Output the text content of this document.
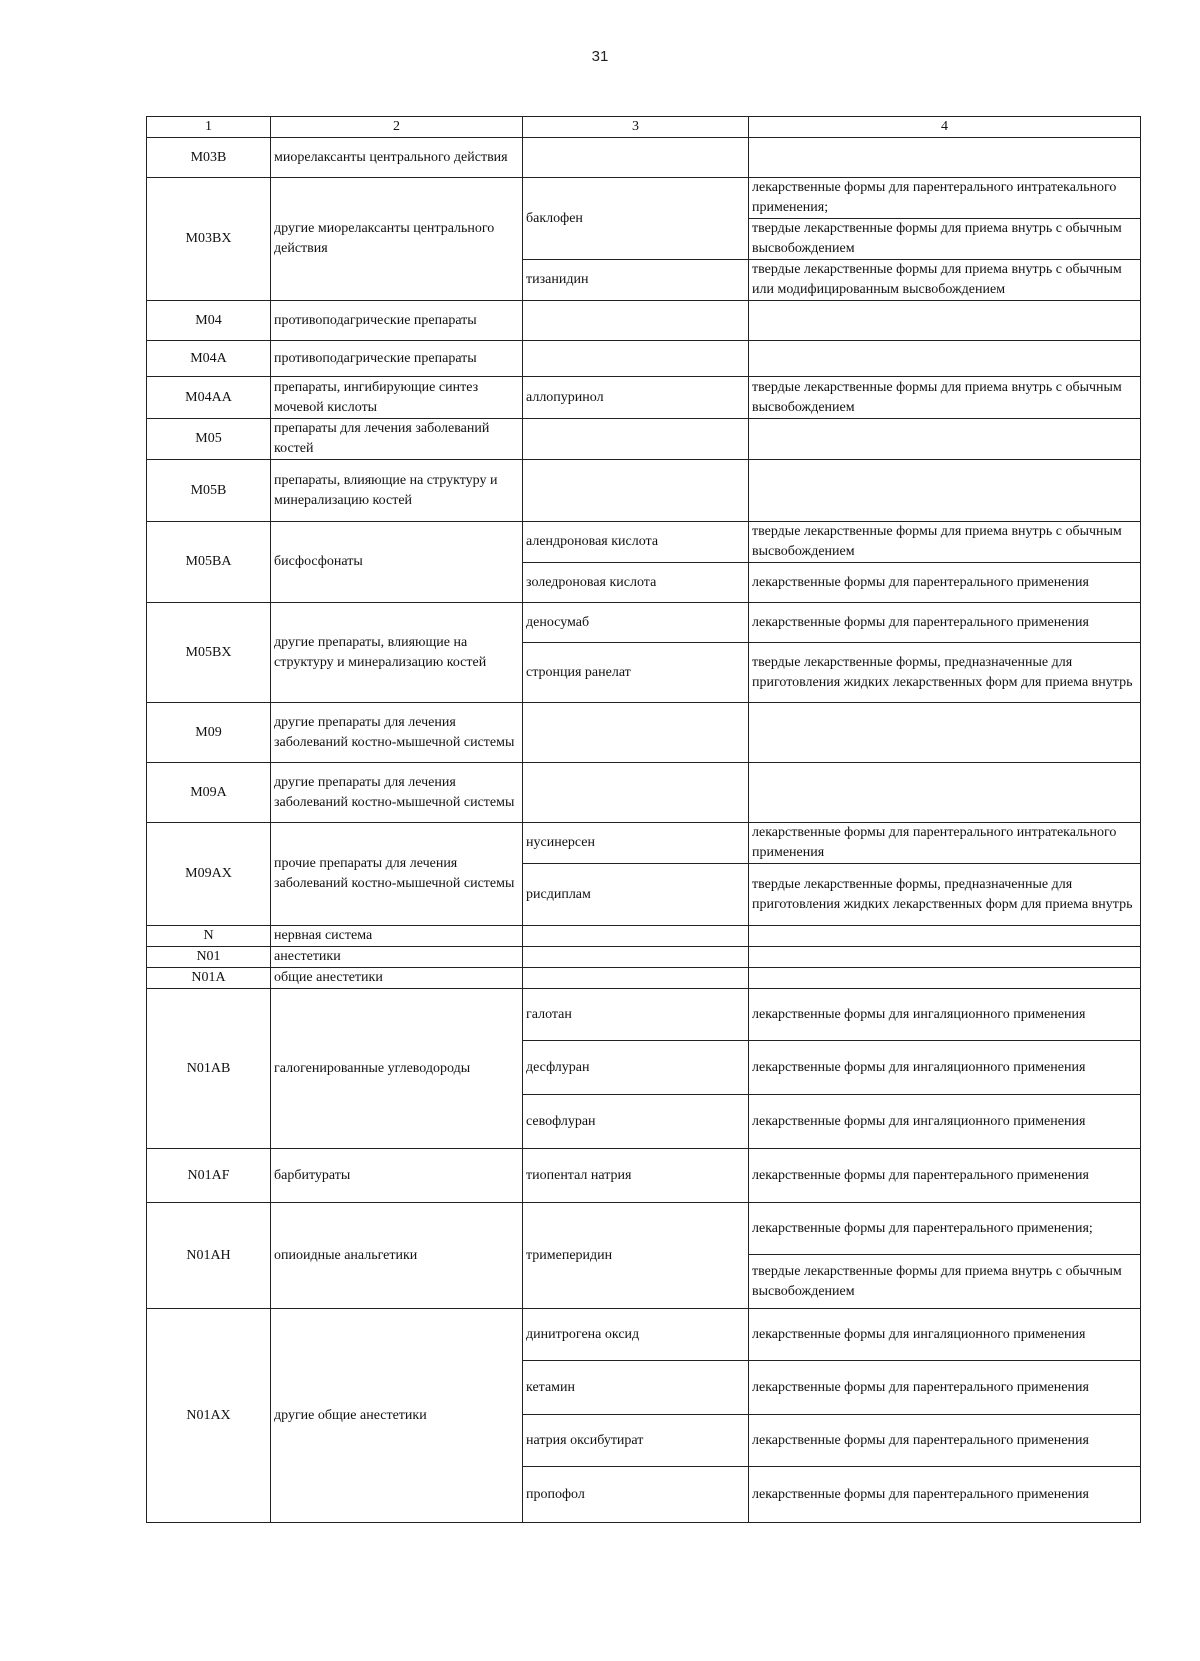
31
1	2	3	4
M03B	миорелаксанты центрального действия		
M03BX	другие миорелаксанты центрального действия	баклофен	лекарственные формы для парентерального интратекального применения;
			твердые лекарственные формы для приема внутрь с обычным высвобождением
		тизанидин	твердые лекарственные формы для приема внутрь с обычным или модифицированным высвобождением
M04	противоподагрические препараты		
M04A	противоподагрические препараты		
M04AA	препараты, ингибирующие синтез мочевой кислоты	аллопуринол	твердые лекарственные формы для приема внутрь с обычным высвобождением
M05	препараты для лечения заболеваний костей		
M05B	препараты, влияющие на структуру и минерализацию костей		
M05BA	бисфосфонаты	алендроновая кислота	твердые лекарственные формы для приема внутрь с обычным высвобождением
		золедроновая кислота	лекарственные формы для парентерального применения
M05BX	другие препараты, влияющие на структуру и минерализацию костей	деносумаб	лекарственные формы для парентерального применения
		стронция ранелат	твердые лекарственные формы, предназначенные для приготовления жидких лекарственных форм для приема внутрь
M09	другие препараты для лечения заболеваний костно-мышечной системы		
M09A	другие препараты для лечения заболеваний костно-мышечной системы		
M09AX	прочие препараты для лечения заболеваний костно-мышечной системы	нусинерсен	лекарственные формы для парентерального интратекального применения
		рисдиплам	твердые лекарственные формы, предназначенные для приготовления жидких лекарственных форм для приема внутрь
N	нервная система		
N01	анестетики		
N01A	общие анестетики		
N01AB	галогенированные углеводороды	галотан	лекарственные формы для ингаляционного применения
		десфлуран	лекарственные формы для ингаляционного применения
		севофлуран	лекарственные формы для ингаляционного применения
N01AF	барбитураты	тиопентал натрия	лекарственные формы для парентерального применения
N01AH	опиоидные анальгетики	тримеперидин	лекарственные формы для парентерального применения;
			твердые лекарственные формы для приема внутрь с обычным высвобождением
N01AX	другие общие анестетики	динитрогена оксид	лекарственные формы для ингаляционного применения
		кетамин	лекарственные формы для парентерального применения
		натрия оксибутират	лекарственные формы для парентерального применения
		пропофол	лекарственные формы для парентерального применения
